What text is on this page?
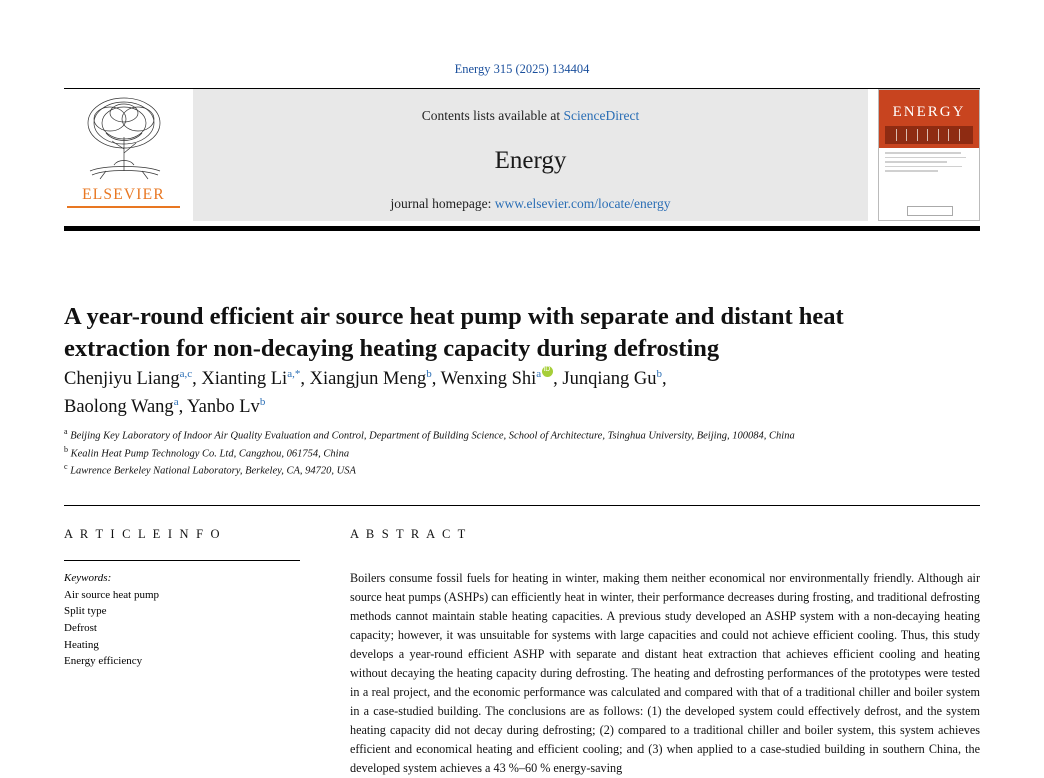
Energy 315 (2025) 134404
ELSEVIER
Contents lists available at ScienceDirect
Energy
journal homepage: www.elsevier.com/locate/energy
ENERGY
A year-round efficient air source heat pump with separate and distant heat extraction for non-decaying heating capacity during defrosting
Chenjiyu Liang$^{a,c}$, Xianting $Li^{a,*}$, Xiangjun Meng$^b$, Wenxing Shi$^a$ iD , Junqiang Gu$^b$,
Baolong Wang$^a$, Yanbo Lv$^b$
$^a$ Beijing Key Laboratory of Indoor Air Quality Evaluation and Control, Department of Building Science, School of Architecture, Tsinghua University, Beijing, 100084, China
$^b$ Kealin Heat Pump Technology Co. Ltd, Cangzhou, 061754, China
$^c$ Lawrence Berkeley National Laboratory, Berkeley, CA, 94720, USA
A R T I C L E I N F O
Keywords:
Air source heat pump
Split type
Defrost
Heating
Energy efficiency
A B S T R A C T
Boilers consume fossil fuels for heating in winter, making them neither economical nor environmentally friendly. Although air source heat pumps (ASHPs) can efficiently heat in winter, their performance decreases during frosting, and traditional defrosting methods cannot maintain stable heating capacities. A previous study developed an ASHP system with a non-decaying heating capacity; however, it was unsuitable for systems with large capacities and could not achieve efficient cooling. Thus, this study develops a year-round efficient ASHP with separate and distant heat extraction that achieves efficient cooling and heating without decaying the heating capacity during defrosting. The heating and defrosting performances of the prototypes were tested in a real project, and the economic performance was calculated and compared with that of a traditional chiller and boiler system in a case-studied building. The conclusions are as follows: (1) the developed system could effectively defrost, and the system heating capacity did not decay during defrosting; (2) compared to a traditional chiller and boiler system, this system achieves efficient and economical heating and efficient cooling; and (3) when applied to a case-studied building in southern China, the developed system achieves a 43 %–60 % energy-saving
